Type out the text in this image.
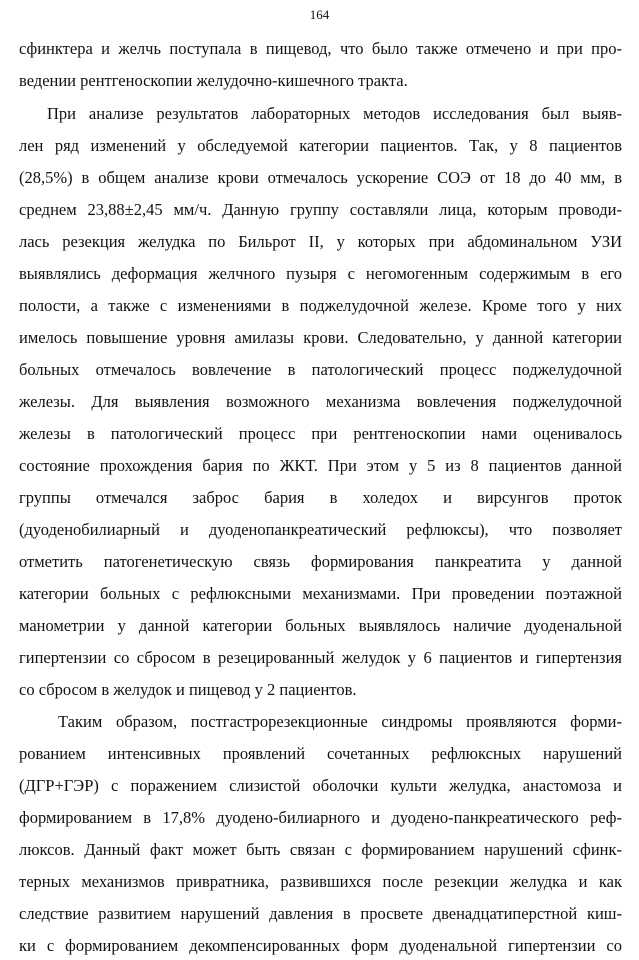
164
сфинктера и желчь поступала в пищевод, что было также отмечено и при про-
ведении рентгеноскопии желудочно-кишечного тракта.
При анализе результатов лабораторных методов исследования был выяв-
лен ряд изменений у обследуемой категории пациентов. Так, у 8 пациентов
(28,5%) в общем анализе крови отмечалось ускорение СОЭ от 18 до 40 мм, в
среднем 23,88±2,45 мм/ч. Данную группу составляли лица, которым проводи-
лась резекция желудка по Бильрот II, у которых при абдоминальном УЗИ
выявлялись деформация желчного пузыря с негомогенным содержимым в его
полости, а также с изменениями в поджелудочной железе. Кроме того у них
имелось повышение уровня амилазы крови. Следовательно, у данной категории
больных отмечалось вовлечение в патологический процесс поджелудочной
железы. Для выявления возможного механизма вовлечения поджелудочной
железы в патологический процесс при рентгеноскопии нами оценивалось
состояние прохождения бария по ЖКТ. При этом у 5 из 8 пациентов данной
группы отмечался заброс бария в холедох и вирсунгов проток
(дуоденобилиарный и дуоденопанкреатический рефлюксы), что позволяет
отметить патогенетическую связь формирования панкреатита у данной
категории больных с рефлюксными механизмами. При проведении поэтажной
манометрии у данной категории больных выявлялось наличие дуоденальной
гипертензии со сбросом в резецированный желудок у 6 пациентов и гипертензия
со сбросом в желудок и пищевод у 2 пациентов.
Таким образом, постгастрорезекционные синдромы проявляются форми-
рованием интенсивных проявлений сочетанных рефлюксных нарушений
(ДГР+ГЭР) с поражением слизистой оболочки культи желудка, анастомоза и
формированием в 17,8% дуодено-билиарного и дуодено-панкреатического реф-
люксов. Данный факт может быть связан с формированием нарушений сфинк-
терных механизмов привратника, развившихся после резекции желудка и как
следствие развитием нарушений давления в просвете двенадцатиперстной киш-
ки с формированием декомпенсированных форм дуоденальной гипертензии со
